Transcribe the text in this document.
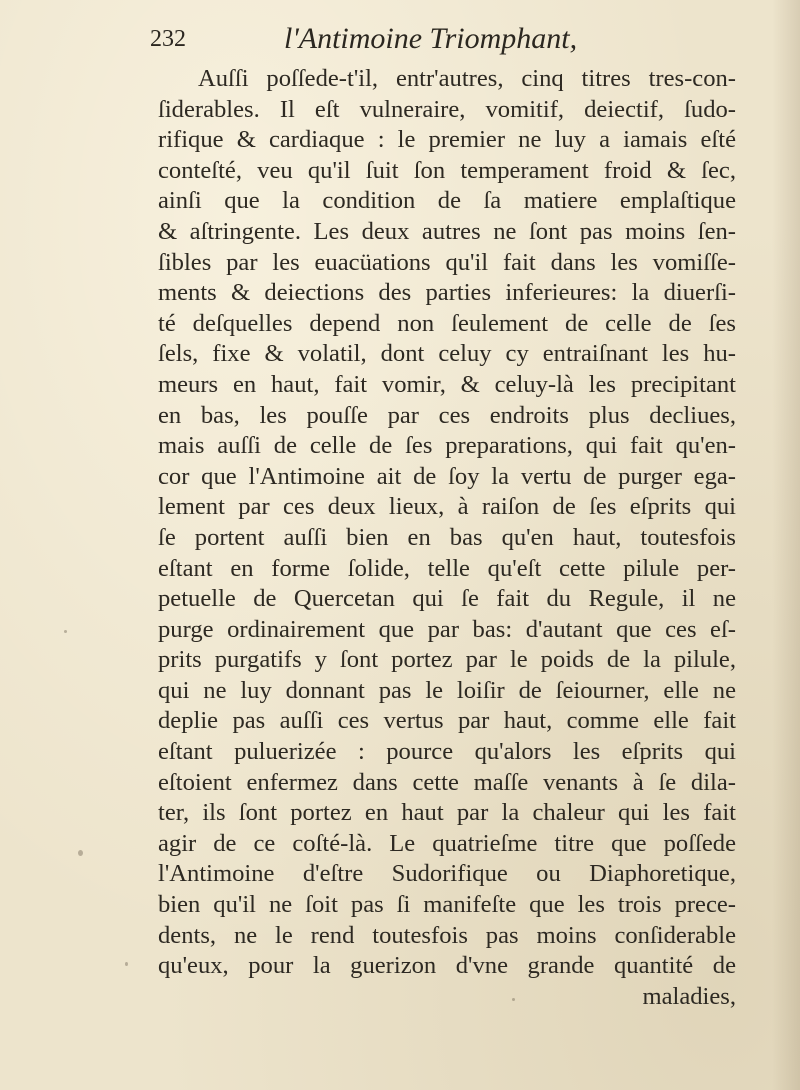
232	l'Antimoine Triomphant,
Auſſi poſſede-t'il, entr'autres, cinq titres tres-con-
ſiderables. Il eſt vulneraire, vomitif, deiectif, ſudo-
rifique & cardiaque : le premier ne luy a iamais eſté
conteſté, veu qu'il ſuit ſon temperament froid & ſec,
ainſi que la condition de ſa matiere emplaſtique
& aſtringente. Les deux autres ne ſont pas moins ſen-
ſibles par les euacüations qu'il fait dans les vomiſſe-
ments & deiections des parties inferieures: la diuerſi-
té deſquelles depend non ſeulement de celle de ſes
ſels, fixe & volatil, dont celuy cy entraiſnant les hu-
meurs en haut, fait vomir, & celuy-là les precipitant
en bas, les pouſſe par ces endroits plus decliues,
mais auſſi de celle de ſes preparations, qui fait qu'en-
cor que l'Antimoine ait de ſoy la vertu de purger ega-
lement par ces deux lieux, à raiſon de ſes eſprits qui
ſe portent auſſi bien en bas qu'en haut, toutesfois
eſtant en forme ſolide, telle qu'eſt cette pilule per-
petuelle de Quercetan qui ſe fait du Regule, il ne
purge ordinairement que par bas: d'autant que ces eſ-
prits purgatifs y ſont portez par le poids de la pilule,
qui ne luy donnant pas le loiſir de ſeiourner, elle ne
deplie pas auſſi ces vertus par haut, comme elle fait
eſtant puluerizée : pource qu'alors les eſprits qui
eſtoient enfermez dans cette maſſe venants à ſe dila-
ter, ils ſont portez en haut par la chaleur qui les fait
agir de ce coſté-là. Le quatrieſme titre que poſſede
l'Antimoine d'eſtre Sudorifique ou Diaphoretique,
bien qu'il ne ſoit pas ſi manifeſte que les trois prece-
dents, ne le rend toutesfois pas moins conſiderable
qu'eux, pour la guerizon d'vne grande quantité de
maladies,
